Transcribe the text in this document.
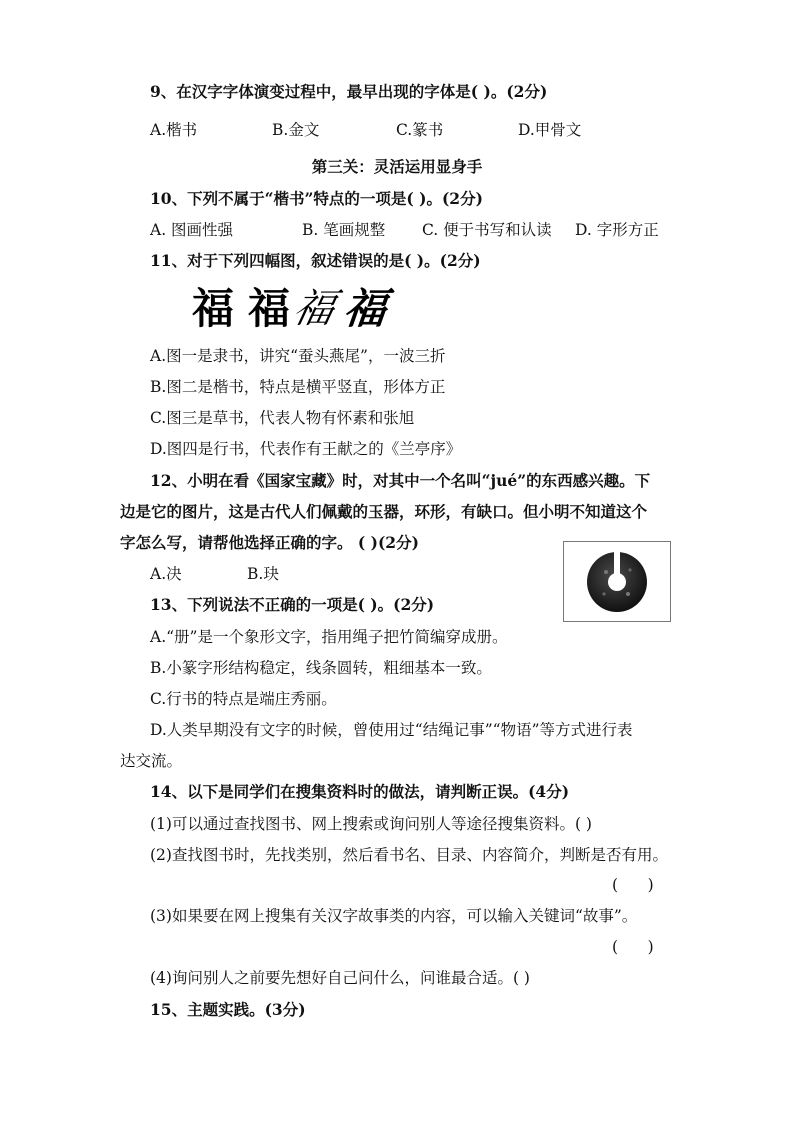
9、在汉字字体演变过程中，最早出现的字体是( )。(2分)
A.楷书	B.金文	C.篆书	D.甲骨文
第三关：灵活运用显身手
10、下列不属于“楷书”特点的一项是( )。(2分)
A. 图画性强	B. 笔画规整 C. 便于书写和认读 D. 字形方正
11、对于下列四幅图，叙述错误的是( )。(2分)
福 福 福 福
A.图一是隶书，讲究“蚕头燕尾”，一波三折
B.图二是楷书，特点是横平竖直，形体方正
C.图三是草书，代表人物有怀素和张旭
D.图四是行书，代表作有王献之的《兰亭序》
12、小明在看《国家宝藏》时，对其中一个名叫“jué”的东西感兴趣。下
边是它的图片，这是古代人们佩戴的玉器，环形，有缺口。但小明不知道这个
字怎么写，请帮他选择正确的字。 ( )(2分)
A.决	B.玦
13、下列说法不正确的一项是( )。(2分)
A.“册”是一个象形文字，指用绳子把竹简编穿成册。
B.小篆字形结构稳定，线条圆转，粗细基本一致。
C.行书的特点是端庄秀丽。
D.人类早期没有文字的时候，曾使用过“结绳记事”“物语”等方式进行表
达交流。
14、以下是同学们在搜集资料时的做法，请判断正误。(4分)
(1)可以通过查找图书、网上搜索或询问别人等途径搜集资料。( )
(2)查找图书时，先找类别，然后看书名、目录、内容简介，判断是否有用。
(      )
(3)如果要在网上搜集有关汉字故事类的内容，可以输入关键词“故事”。
(      )
(4)询问别人之前要先想好自己问什么，问谁最合适。( )
15、主题实践。(3分)
